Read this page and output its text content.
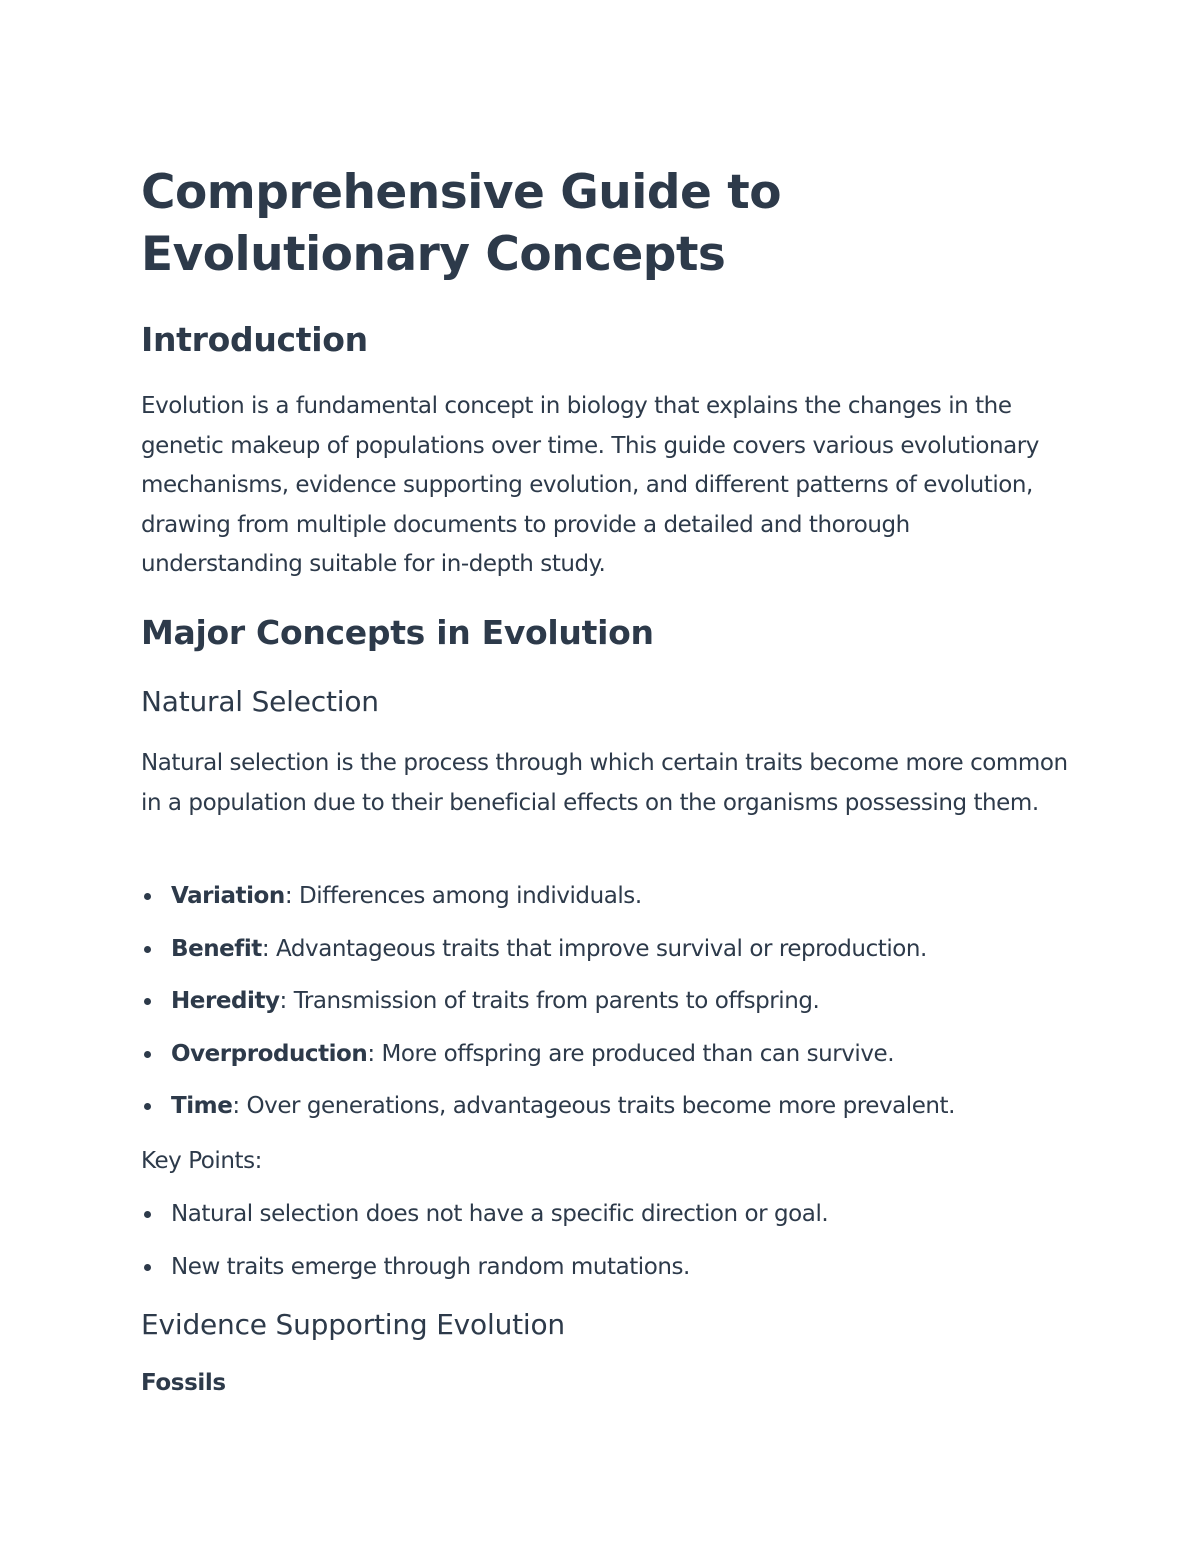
Comprehensive Guide to Evolutionary Concepts
Introduction

Evolution is a fundamental concept in biology that explains the changes in the genetic makeup of populations over time. This guide covers various evolutionary mechanisms, evidence supporting evolution, and different patterns of evolution, drawing from multiple documents to provide a detailed and thorough understanding suitable for in-depth study.

Major Concepts in Evolution
Natural Selection

Natural selection is the process through which certain traits become more common in a population due to their beneficial effects on the organisms possessing them.

Variation: Differences among individuals.
Benefit: Advantageous traits that improve survival or reproduction.
Heredity: Transmission of traits from parents to offspring.
Overproduction: More offspring are produced than can survive.
Time: Over generations, advantageous traits become more prevalent.

Key Points:

Natural selection does not have a specific direction or goal.
New traits emerge through random mutations.
Evidence Supporting Evolution
Fossils
